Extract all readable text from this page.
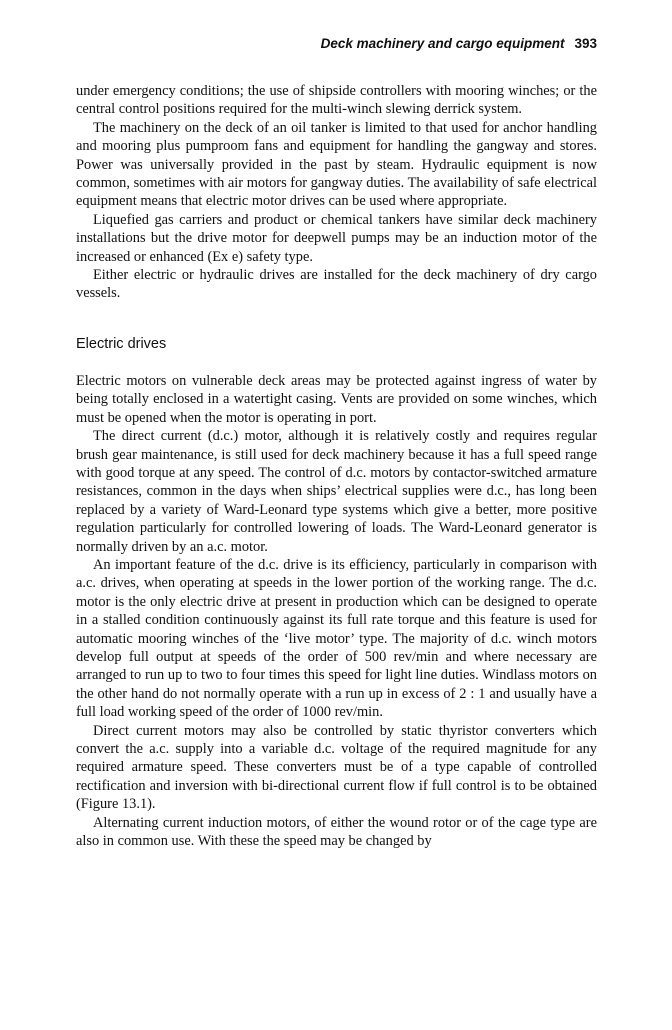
Deck machinery and cargo equipment 393

under emergency conditions; the use of shipside controllers with mooring winches; or the central control positions required for the multi-winch slewing derrick system.

The machinery on the deck of an oil tanker is limited to that used for anchor handling and mooring plus pumproom fans and equipment for handling the gangway and stores. Power was universally provided in the past by steam. Hydraulic equipment is now common, sometimes with air motors for gangway duties. The availability of safe electrical equipment means that electric motor drives can be used where appropriate.

Liquefied gas carriers and product or chemical tankers have similar deck machinery installations but the drive motor for deepwell pumps may be an induction motor of the increased or enhanced (Ex e) safety type.

Either electric or hydraulic drives are installed for the deck machinery of dry cargo vessels.

Electric drives

Electric motors on vulnerable deck areas may be protected against ingress of water by being totally enclosed in a watertight casing. Vents are provided on some winches, which must be opened when the motor is operating in port.

The direct current (d.c.) motor, although it is relatively costly and requires regular brush gear maintenance, is still used for deck machinery because it has a full speed range with good torque at any speed. The control of d.c. motors by contactor-switched armature resistances, common in the days when ships’ electrical supplies were d.c., has long been replaced by a variety of Ward-Leonard type systems which give a better, more positive regulation particularly for controlled lowering of loads. The Ward-Leonard generator is normally driven by an a.c. motor.

An important feature of the d.c. drive is its efficiency, particularly in comparison with a.c. drives, when operating at speeds in the lower portion of the working range. The d.c. motor is the only electric drive at present in production which can be designed to operate in a stalled condition continuously against its full rate torque and this feature is used for automatic mooring winches of the ‘live motor’ type. The majority of d.c. winch motors develop full output at speeds of the order of 500 rev/min and where necessary are arranged to run up to two to four times this speed for light line duties. Windlass motors on the other hand do not normally operate with a run up in excess of 2 : 1 and usually have a full load working speed of the order of 1000 rev/min.

Direct current motors may also be controlled by static thyristor converters which convert the a.c. supply into a variable d.c. voltage of the required magnitude for any required armature speed. These converters must be of a type capable of controlled rectification and inversion with bi-directional current flow if full control is to be obtained (Figure 13.1).

Alternating current induction motors, of either the wound rotor or of the cage type are also in common use. With these the speed may be changed by
